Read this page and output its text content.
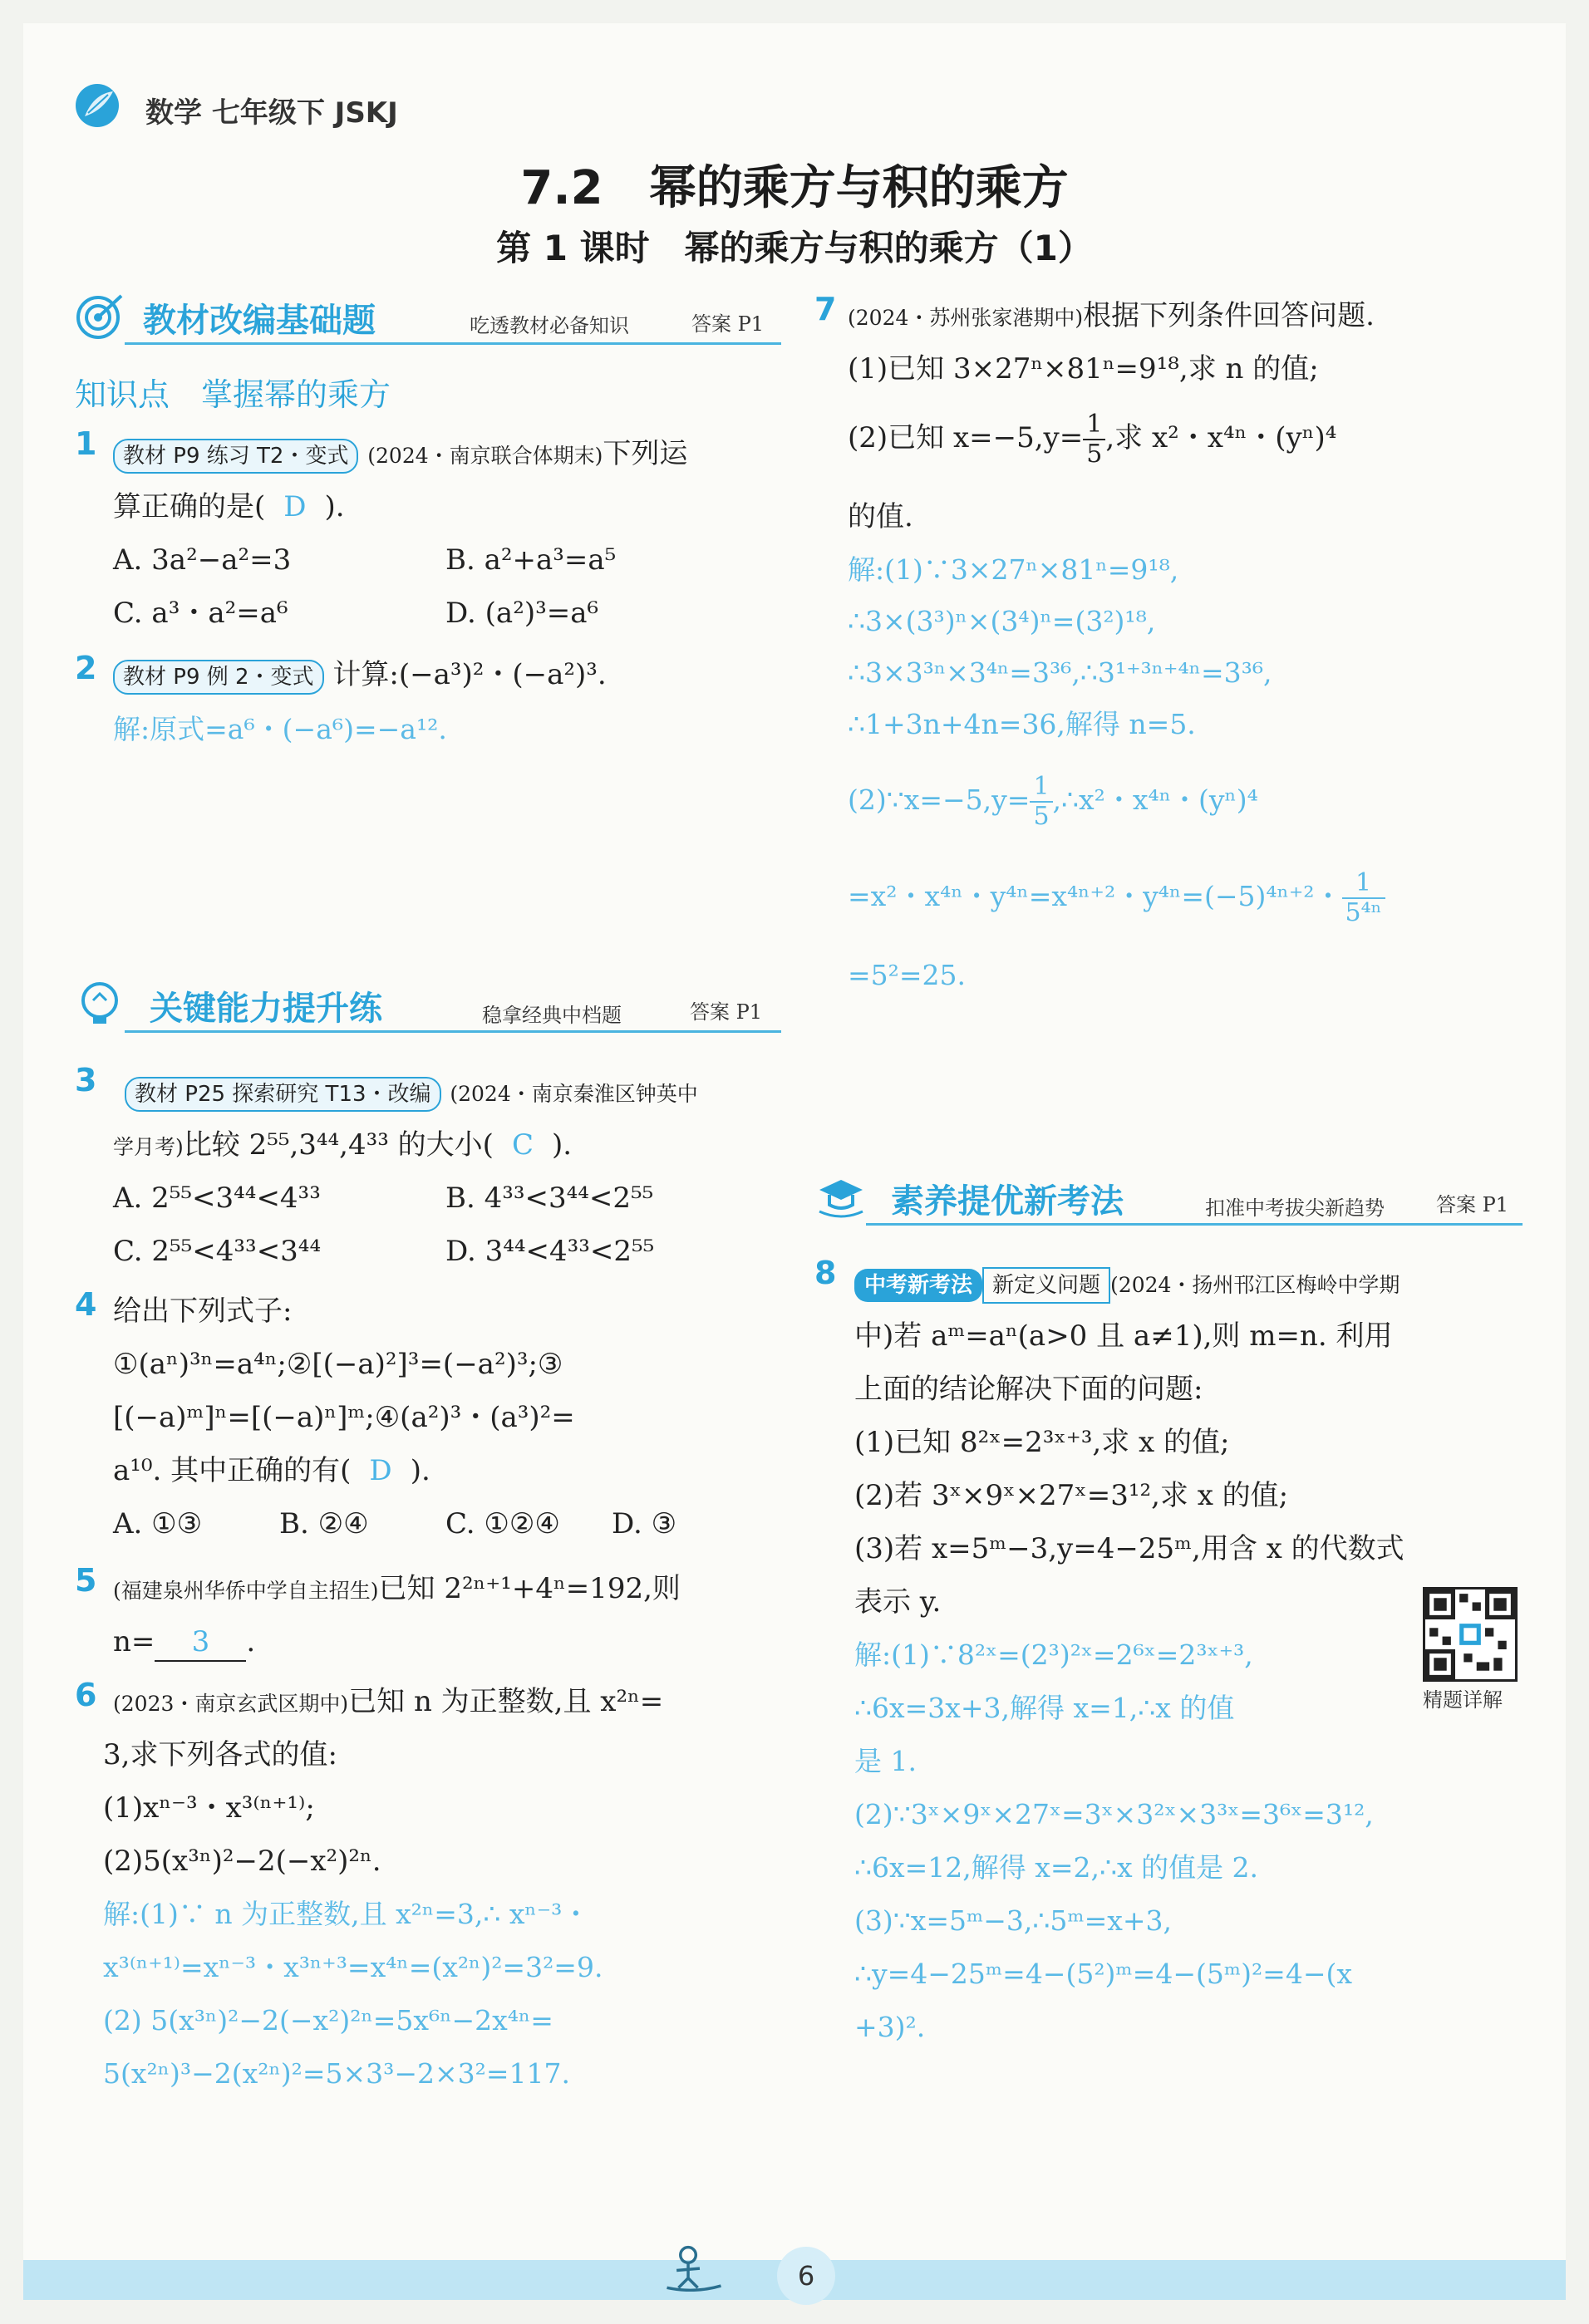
数学 七年级下 JSKJ
7.2　幂的乘方与积的乘方
第 1 课时　幂的乘方与积的乘方（1）
教材改编基础题	吃透教材必备知识	答案 P1
知识点　掌握幂的乘方
1	教材 P9 练习 T2・变式 (2024・南京联合体期末)下列运
算正确的是( D ).
A. 3a²−a²=3	B. a²+a³=a⁵
C. a³・a²=a⁶	D. (a²)³=a⁶
2	教材 P9 例 2・变式 计算:(−a³)²・(−a²)³.
解:原式=a⁶・(−a⁶)=−a¹².
关键能力提升练	稳拿经典中档题	答案 P1
3	教材 P25 探索研究 T13・改编 (2024・南京秦淮区钟英中
学月考)比较 2⁵⁵,3⁴⁴,4³³ 的大小( C ).
A. 2⁵⁵<3⁴⁴<4³³	B. 4³³<3⁴⁴<2⁵⁵
C. 2⁵⁵<4³³<3⁴⁴	D. 3⁴⁴<4³³<2⁵⁵
4 给出下列式子:
①(aⁿ)³ⁿ=a⁴ⁿ;②[(−a)²]³=(−a²)³;③
[(−a)ᵐ]ⁿ=[(−a)ⁿ]ᵐ;④(a²)³・(a³)²=
a¹⁰. 其中正确的有( D ).
A. ①③	B. ②④	C. ①②④ D. ③
5 (福建泉州华侨中学自主招生)已知 2²ⁿ⁺¹+4ⁿ=192,则
n= 3 .
6 (2023・南京玄武区期中)已知 n 为正整数,且 x²ⁿ=
3,求下列各式的值:
(1)xⁿ⁻³・x³⁽ⁿ⁺¹⁾;
(2)5(x³ⁿ)²−2(−x²)²ⁿ.
解:(1)∵ n 为正整数,且 x²ⁿ=3,∴ xⁿ⁻³・
x³⁽ⁿ⁺¹⁾=xⁿ⁻³・x³ⁿ⁺³=x⁴ⁿ=(x²ⁿ)²=3²=9.
(2) 5(x³ⁿ)²−2(−x²)²ⁿ=5x⁶ⁿ−2x⁴ⁿ=
5(x²ⁿ)³−2(x²ⁿ)²=5×3³−2×3²=117.
7 (2024・苏州张家港期中)根据下列条件回答问题.
(1)已知 3×27ⁿ×81ⁿ=9¹⁸,求 n 的值;
(2)已知 $x=-5,y= \frac{1}{5}$ ,求 x²・x⁴ⁿ・(yⁿ)⁴
的值.
解:(1)∵3×27ⁿ×81ⁿ=9¹⁸,
∴3×(3³)ⁿ×(3⁴)ⁿ=(3²)¹⁸,
∴3×3³ⁿ×3⁴ⁿ=3³⁶,∴3¹⁺³ⁿ⁺⁴ⁿ=3³⁶,
∴1+3n+4n=36,解得 n=5.
(2)∵x=−5,y= $\frac{1}{5}$ ,∴x²・x⁴ⁿ・(yⁿ)⁴
=x²・x⁴ⁿ・y⁴ⁿ=x⁴ⁿ⁺²・y⁴ⁿ=(−5)⁴ⁿ⁺²・ $\frac{1}{\text{5⁴ⁿ}}$
=5²=25.
素养提优新考法	扣准中考拔尖新趋势	答案 P1
8	中考新考法 新定义问题 (2024・扬州邗江区梅岭中学期
中)若 aᵐ=aⁿ(a>0 且 a≠1),则 m=n. 利用
上面的结论解决下面的问题:
(1)已知 8²ˣ=2³ˣ⁺³,求 x 的值;
(2)若 3ˣ×9ˣ×27ˣ=3¹²,求 x 的值;
(3)若 x=5ᵐ−3,y=4−25ᵐ,用含 x 的代数式
表示 y.
精题详解
解:(1)∵8²ˣ=(2³)²ˣ=2⁶ˣ=2³ˣ⁺³,
∴6x=3x+3,解得 x=1,∴x 的值
是 1.
(2)∵3ˣ×9ˣ×27ˣ=3ˣ×3²ˣ×3³ˣ=3⁶ˣ=3¹²,
∴6x=12,解得 x=2,∴x 的值是 2.
(3)∵x=5ᵐ−3,∴5ᵐ=x+3,
∴y=4−25ᵐ=4−(5²)ᵐ=4−(5ᵐ)²=4−(x
+3)².
6
